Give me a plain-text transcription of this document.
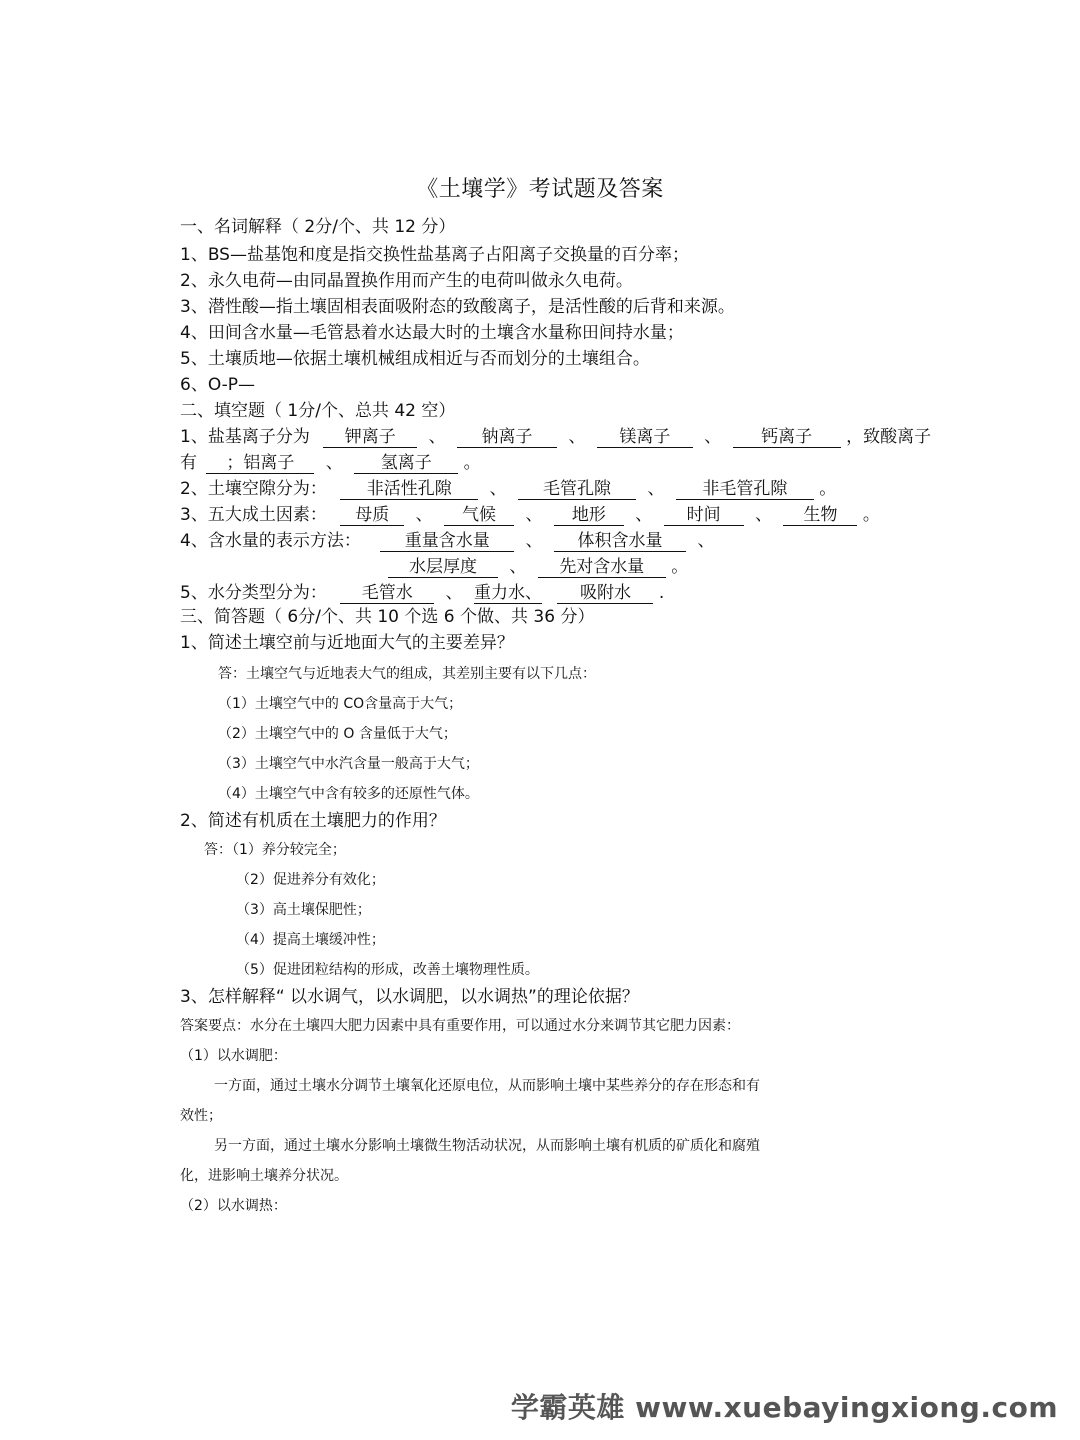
《土壤学》考试题及答案
一、名词解释（ 2分/个、共 12 分）
1、BS—盐基饱和度是指交换性盐基离子占阳离子交换量的百分率；
2、永久电荷—由同晶置换作用而产生的电荷叫做永久电荷。
3、潜性酸—指土壤固相表面吸附态的致酸离子，是活性酸的后背和来源。
4、田间含水量—毛管悬着水达最大时的土壤含水量称田间持水量；
5、土壤质地—依据土壤机械组成相近与否而划分的土壤组合。
6、O-P—
二、填空题（ 1分/个、总共 42 空）
1、盐基离子分为 钾离子 、 钠离子 、 镁离子 、 钙离子 ，致酸离子
有 ；铝离子 、 氢离子 。
2、土壤空隙分为： 非活性孔隙 、 毛管孔隙 、 非毛管孔隙 。
3、五大成土因素： 母质 、 气候 、 地形 、 时间 、 生物 。
4、含水量的表示方法：	重量含水量 、 体积含水量 、
水层厚度 、 先对含水量 。
5、水分类型分为： 毛管水 、 重力水、 吸附水 .
三、简答题（ 6分/个、共 10 个选 6 个做、共 36 分）
1、简述土壤空前与近地面大气的主要差异？
答：土壤空气与近地表大气的组成，其差别主要有以下几点：
（1）土壤空气中的 CO含量高于大气；
（2）土壤空气中的 O 含量低于大气；
（3）土壤空气中水汽含量一般高于大气；
（4）土壤空气中含有较多的还原性气体。
2、简述有机质在土壤肥力的作用？
答：（1）养分较完全；
（2）促进养分有效化；
（3）高土壤保肥性；
（4）提高土壤缓冲性；
（5）促进团粒结构的形成，改善土壤物理性质。
3、怎样解释“ 以水调气，以水调肥，以水调热”的理论依据？
答案要点：水分在土壤四大肥力因素中具有重要作用，可以通过水分来调节其它肥力因素：
（1）以水调肥：
一方面，通过土壤水分调节土壤氧化还原电位，从而影响土壤中某些养分的存在形态和有
效性；
另一方面，通过土壤水分影响土壤微生物活动状况，从而影响土壤有机质的矿质化和腐殖
化，进影响土壤养分状况。
（2）以水调热：
学霸英雄 www.xuebayingxiong.com
